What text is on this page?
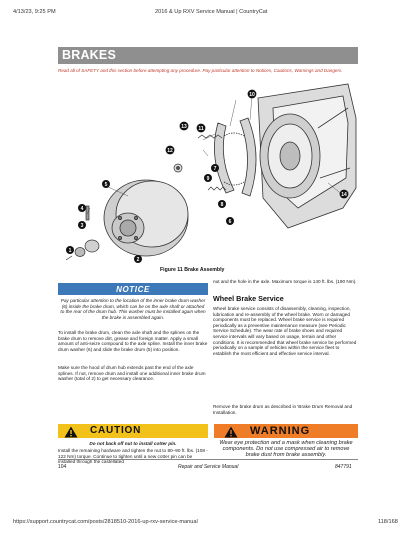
4/13/23, 9:25 PM	2016 & Up RXV Service Manual | CountryCat
BRAKES
Read all of SAFETY and this section before attempting any procedure. Pay particular attention to Notices, Cautions, Warnings and Dangers.
1
2
3
4
5
6
7
8
9
10
11
12
13
14
Figure 11 Brake Assembly
NOTICE
Pay particular attention to the location of the inner brake drum washer (6) inside the brake drum, which can be on the axle shaft or attached to the rear of the drum hub. This washer must be installed again when the brake is assembled again.
To install the brake drum, clean the axle shaft and the splines on the brake drum to remove dirt, grease and foreign matter. Apply a small amount of anti-seize compound to the axle spline. Install the inner brake drum washer (6) and slide the brake drum (5) into position.
Make sure the hood of drum hub extends past the end of the axle splines. If not, remove drum and install one additional inner brake drum washer (total of 2) to get necessary clearance.
CAUTION
Do not back off nut to install cotter pin.
Install the remaining hardware and tighten the nut to 80–90 ft. lbs. (108 - 122 Nm) torque. Continue to tighten until a new cotter pin can be installed through the castellated
nut and the hole in the axle. Maximum torque is 140 ft. lbs. (190 Nm).
Wheel Brake Service
Wheel brake service consists of disassembly, cleaning, inspection, lubrication and re-assembly of the wheel brake. Worn or damaged components must be replaced. Wheel brake service is required periodically as a preventive maintenance measure (see Periodic Service Schedule). The wear rate of brake shoes and required service intervals will vary based on usage, terrain and other conditions. It is recommended that wheel brake service be performed periodically on a sample of vehicles within the service fleet to establish the most efficient and effective service interval.
Remove the brake drum as described in 'Brake Drum Removal and Installation.
WARNING
Wear eye protection and a mask when cleaning brake components. Do not use compressed air to remove brake dust from brake assembly.
104	Repair and Service Manual	847791
https://support.countrycat.com/posts/2818510-2016-up-rxv-service-manual	118/168
